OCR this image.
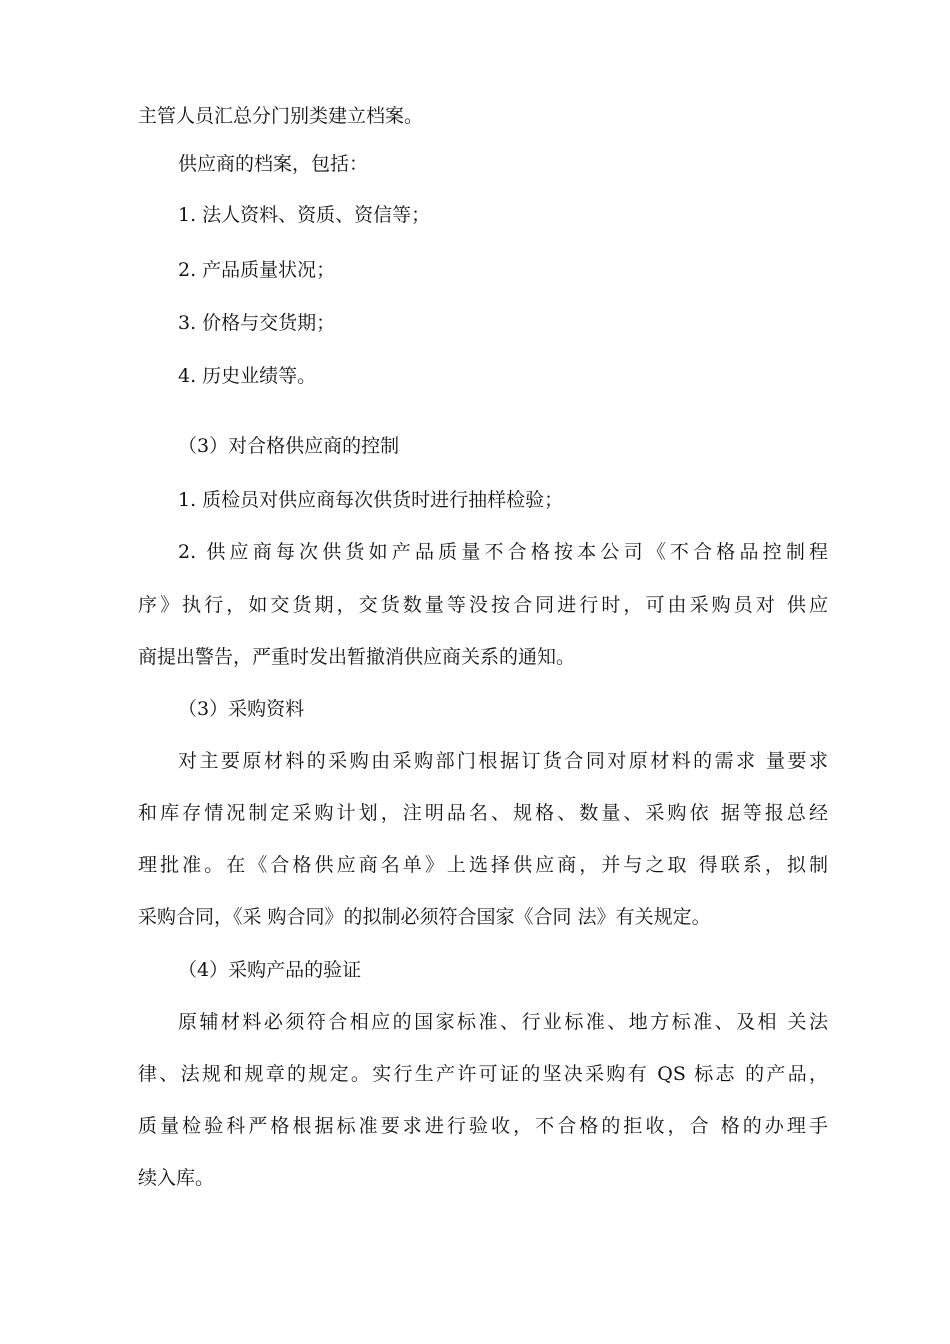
主管人员汇总分门别类建立档案。
供应商的档案，包括：
1. 法人资料、资质、资信等；
2. 产品质量状况；
3. 价格与交货期；
4. 历史业绩等。
（3）对合格供应商的控制
1. 质检员对供应商每次供货时进行抽样检验；
2. 供应商每次供货如产品质量不合格按本公司《不合格品控制程
序》执行，如交货期，交货数量等没按合同进行时，可由采购员对 供应
商提出警告，严重时发出暂撤消供应商关系的通知。
（3）采购资料
对主要原材料的采购由采购部门根据订货合同对原材料的需求 量要求
和库存情况制定采购计划，注明品名、规格、数量、采购依 据等报总经
理批准。在《合格供应商名单》上选择供应商，并与之取 得联系，拟制
采购合同，《采 购合同》的拟制必须符合国家《合同 法》有关规定。
（4）采购产品的验证
原辅材料必须符合相应的国家标准、行业标准、地方标准、及相 关法
律、法规和规章的规定。实行生产许可证的坚决采购有 QS 标志 的产品，
质量检验科严格根据标准要求进行验收，不合格的拒收，合 格的办理手
续入库。
